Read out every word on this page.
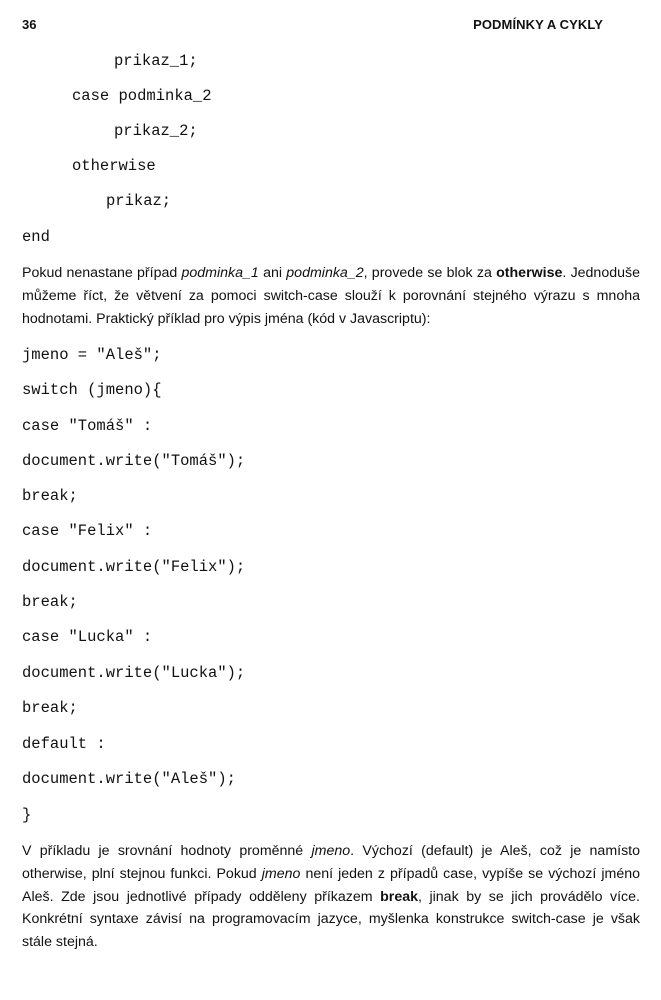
36	PODMÍNKY A CYKLY
prikaz_1;
case podminka_2
prikaz_2;
otherwise
prikaz;
end
Pokud nenastane případ podminka_1 ani podminka_2, provede se blok za otherwise. Jednoduše můžeme říct, že větvení za pomoci switch-case slouží k porovnání stejného výrazu s mnoha hodnotami. Praktický příklad pro výpis jména (kód v Javascriptu):
jmeno = "Aleš";
switch (jmeno){
case "Tomáš" :
document.write("Tomáš");
break;
case "Felix" :
document.write("Felix");
break;
case "Lucka" :
document.write("Lucka");
break;
default :
document.write("Aleš");
}
V příkladu je srovnání hodnoty proměnné jmeno. Výchozí (default) je Aleš, což je namísto otherwise, plní stejnou funkci. Pokud jmeno není jeden z případů case, vypíše se výchozí jméno Aleš. Zde jsou jednotlivé případy odděleny příkazem break, jinak by se jich provádělo více. Konkrétní syntaxe závisí na programovacím jazyce, myšlenka konstrukce switch-case je však stále stejná.
